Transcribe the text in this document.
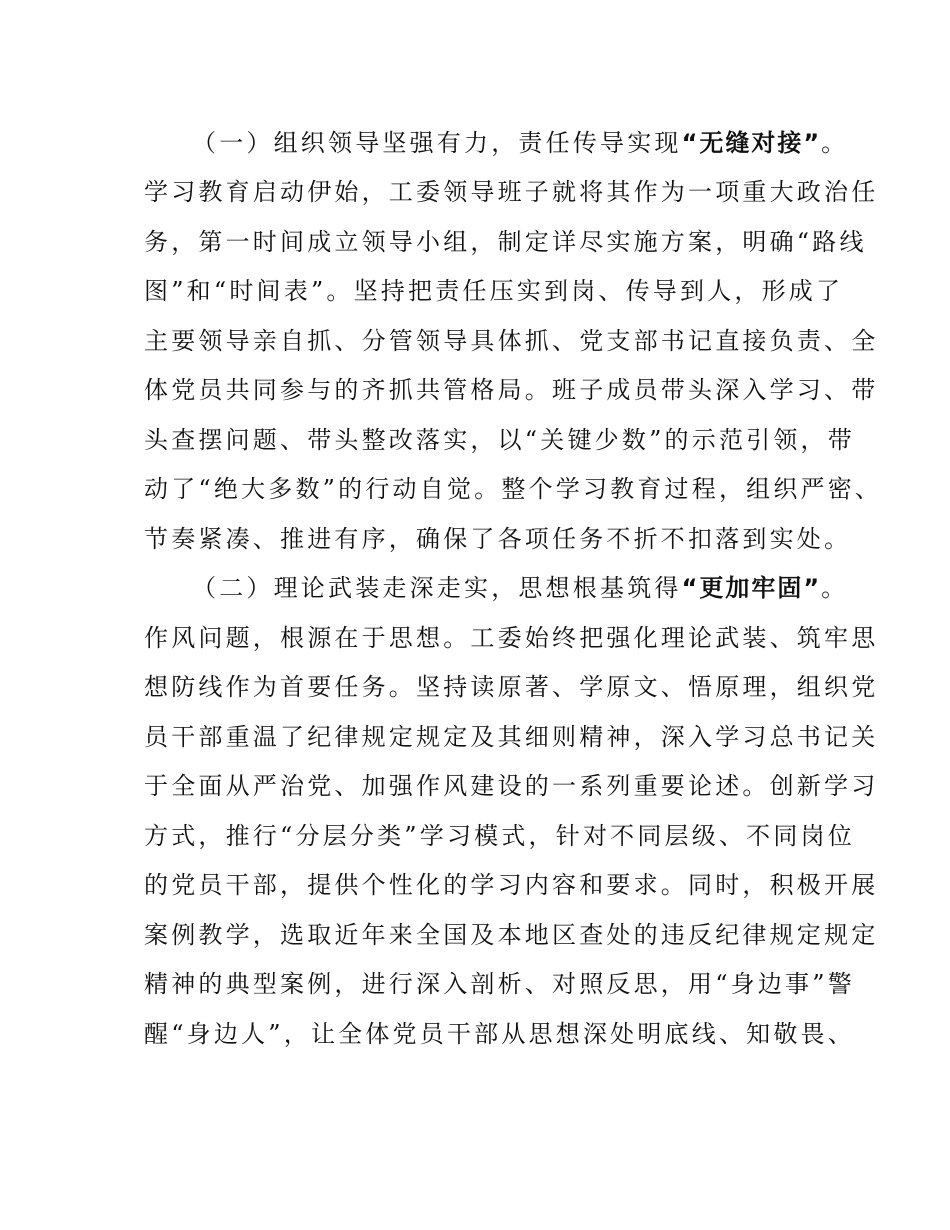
（一）组织领导坚强有力，责任传导实现“无缝对接”。
学习教育启动伊始，工委领导班子就将其作为一项重大政治任
务，第一时间成立领导小组，制定详尽实施方案，明确“路线
图”和“时间表”。坚持把责任压实到岗、传导到人，形成了
主要领导亲自抓、分管领导具体抓、党支部书记直接负责、全
体党员共同参与的齐抓共管格局。班子成员带头深入学习、带
头查摆问题、带头整改落实，以“关键少数”的示范引领，带
动了“绝大多数”的行动自觉。整个学习教育过程，组织严密、
节奏紧凑、推进有序，确保了各项任务不折不扣落到实处。
（二）理论武装走深走实，思想根基筑得“更加牢固”。
作风问题，根源在于思想。工委始终把强化理论武装、筑牢思
想防线作为首要任务。坚持读原著、学原文、悟原理，组织党
员干部重温了纪律规定规定及其细则精神，深入学习总书记关
于全面从严治党、加强作风建设的一系列重要论述。创新学习
方式，推行“分层分类”学习模式，针对不同层级、不同岗位
的党员干部，提供个性化的学习内容和要求。同时，积极开展
案例教学，选取近年来全国及本地区查处的违反纪律规定规定
精神的典型案例，进行深入剖析、对照反思，用“身边事”警
醒“身边人”，让全体党员干部从思想深处明底线、知敬畏、
